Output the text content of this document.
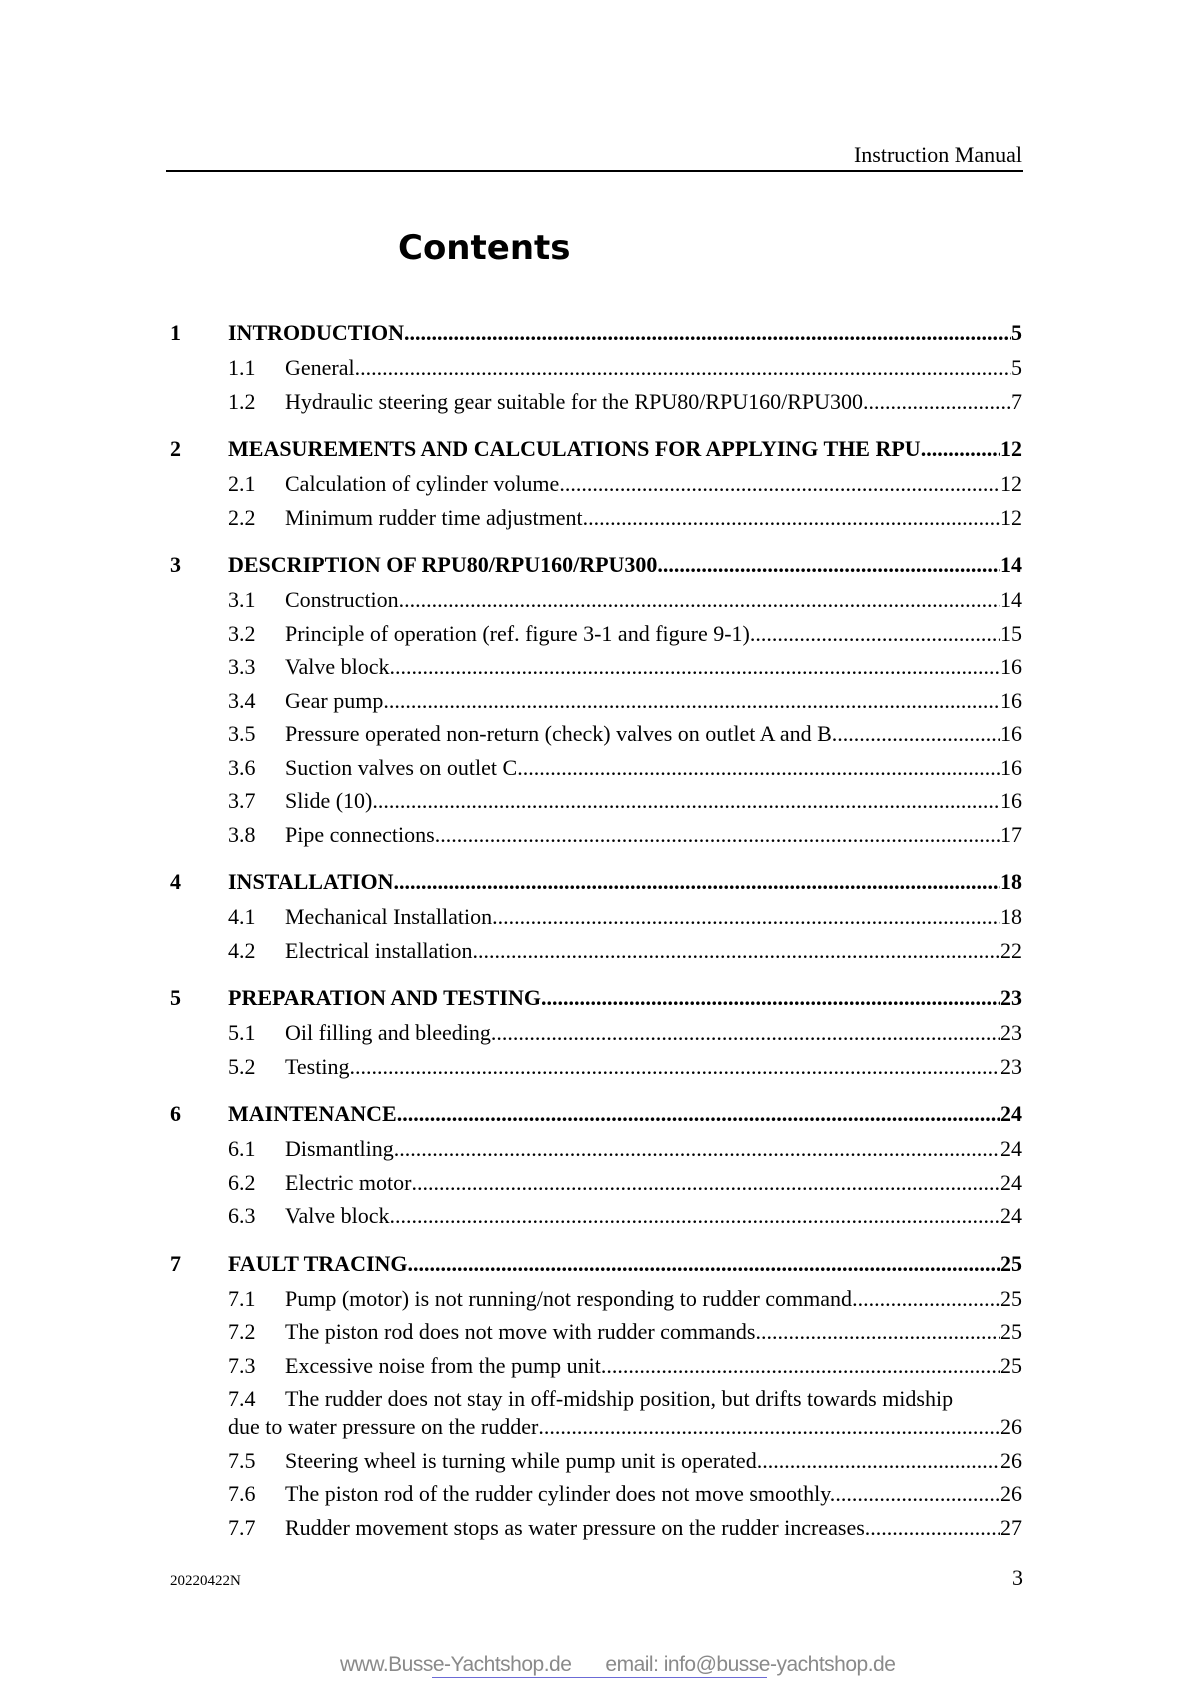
Instruction Manual
Contents
1	INTRODUCTION .....	5
1.1	General .....	5
1.2	Hydraulic steering gear suitable for the RPU80/RPU160/RPU300 .....	7
2	MEASUREMENTS AND CALCULATIONS FOR APPLYING THE RPU. .....	12
2.1	Calculation of cylinder volume .....	12
2.2	Minimum rudder time adjustment .....	12
3	DESCRIPTION OF RPU80/RPU160/RPU300 .....	14
3.1	Construction .....	14
3.2	Principle of operation (ref. figure 3-1 and figure 9-1) .....	15
3.3	Valve block .....	16
3.4	Gear pump .....	16
3.5	Pressure operated non-return (check) valves on outlet A and B .....	16
3.6	Suction valves on outlet C .....	16
3.7	Slide (10) .....	16
3.8	Pipe connections .....	17
4	INSTALLATION .....	18
4.1	Mechanical Installation .....	18
4.2	Electrical installation .....	22
5	PREPARATION AND TESTING .....	23
5.1	Oil filling and bleeding .....	23
5.2	Testing .....	23
6	MAINTENANCE .....	24
6.1	Dismantling .....	24
6.2	Electric motor .....	24
6.3	Valve block .....	24
7	FAULT TRACING .....	25
7.1	Pump (motor) is not running/not responding to rudder command .....	25
7.2	The piston rod does not move with rudder commands .....	25
7.3	Excessive noise from the pump unit .....	25
7.4	The rudder does not stay in off-midship position, but drifts towards midship
due to water pressure on the rudder .....	26
7.5	Steering wheel is turning while pump unit is operated .....	26
7.6	The piston rod of the rudder cylinder does not move smoothly. .....	26
7.7	Rudder movement stops as water pressure on the rudder increases. .....	27
20220422N	3
www.Busse-Yachtshop.de email: info@busse-yachtshop.de
